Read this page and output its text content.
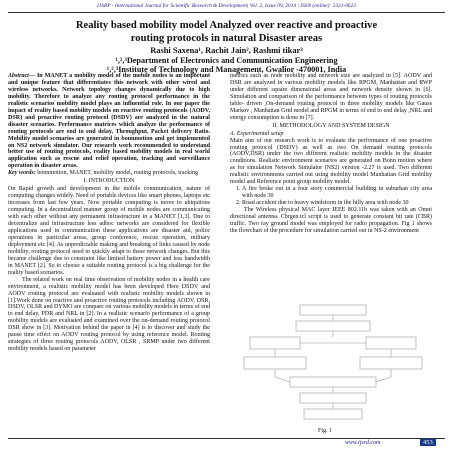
IJSRP - International Journal for Scientific Research & Development| Vol. 2, Issue 09, 2014 | ISSN (online): 2321-0613
Reality based mobility model Analyzed over reactive and proactive
routing protocols in natural Disaster areas
Rashi Saxena¹, Rachit Jain², Rashmi tikar³
¹,²,³Department of Electronics and Communication Engineering
¹,²,³Institute of Technology and Management, Gwalior -470001, India

Abstract— In MANET a mobility model of the mobile nodes is an important and unique feature that differentiates this network with other wired and wireless networks. Network topology changes dynamically due to high mobility. Therefore to analyze any routing protocol performance in the realistic scenarios mobility model plays an influential role. In our paper the impact of reality based mobility models on reactive routing protocols (AODV, DSR) and proactive routing protocol (DSDV) are analyzed in the natural disaster scenarios. Performance matrices which analyze the performance of routing protocols are end to end delay, Throughput, Packet delivery Ratio. Mobility model scenarios are generated in bonnmotion and get implemented on NS2 network simulator. Our research work recommended to understand better use of routing protocols, reality based mobility models in real world application such as rescue and relief operation, tracking and surveillance operation in disaster areas.

Key words: bonnmotion, MANET, mobility model, routing protocols, tracking

I. INTRODUCTION

On Rapid growth and development in the mobile communication, nature of computing changes widely. Need of portable devices like smart phones, laptops etc increases from last few years. Now portable computing is move to ubiquitous computing. In a decentralized manner group of mobile nodes are communicating with each other without any permanent infrastructure in a MANET [1,3]. Due to decentralize and infrastructure less adhoc networks are considered for flexible applications used in communication these applications are disaster aid, police operations in particular areas, group conference, rescue operation, military deployment etc [4]. As unpredictable making and breaking of links caused by node mobility, routing protocol need to quickly adapt to these network changes. But this became challenge due to constraint like limited battery power and less bandwidth in MANET [2]. So to choose a suitable routing protocol is a big challenge for the reality based scenarios.

The related work on real time observation of mobility nodes in a health care environment, a realistic mobility model has been developed Here DSDV and AODV routing protocol are evaluated with realistic mobility models shown in [1].Work done on reactive and proactive routing protocols including AODV, DSR, DSDV, OLSR and DYMO are compare on various mobility models in terms of end to end delay, PDR and NRL in [2]. In a realistic scenario performance of a group mobility models are evaluated and examined over the on-demand routing protocol DSR show in [3]. Motivation behind the paper in [4] is to discover and study the pause time effect on AODV routing protocol by using reference model. Routing strategies of three routing protocols AODV, OLSR , SRMP under two different mobility models based on parameter

metrics such as node mobility and network size are analyzed in [5]. AODV and DSR are analyzed in various mobility models like RPGM, Manhattan and RWP under different square dimensional areas and network density shown in [6]. Simulation and comparison of the performance between types of routing protocols table- driven ,On-demand routing protocol in three mobility models like Gauss Markov , Manhattan Grid model and RPGM in terms of end to end delay ,NRL and energy consumption is done in [7].

II. METHODOLOGY AND SYSTEM DESIGN
A. Experimental setup

Main aim of our research work is to evaluate the performance of one proactive routing protocol (DSDV) as well as two On demand routing protocols (AODV,DSR) under the two different realistic mobility models in the disaster conditions. Realistic environment scenarios are generated on Bonn motion where as for simulation Network Simulator (NS2) version -2.27 is used. Two different realistic environments carried out using mobility model Manhattan Grid mobility model and Reference point group mobility model.

1. A fire broke out in a four story commercial building in suburban city area with node 30
2. Road accident due to heavy windstorm in the hilly area with node 30

The Wireless physical MAC layer IEEE 802.11b was taken with an Omni directional antenna. Cbrgen.tcl script is used to generate constant bit rate (CBR) traffic. Two ray ground model was employed for radio propagation. Fig 1 shows the flowchart of the procedure for simulation carried out in NS-2 environment

Fig. 1
www.ijsrd.com	453
